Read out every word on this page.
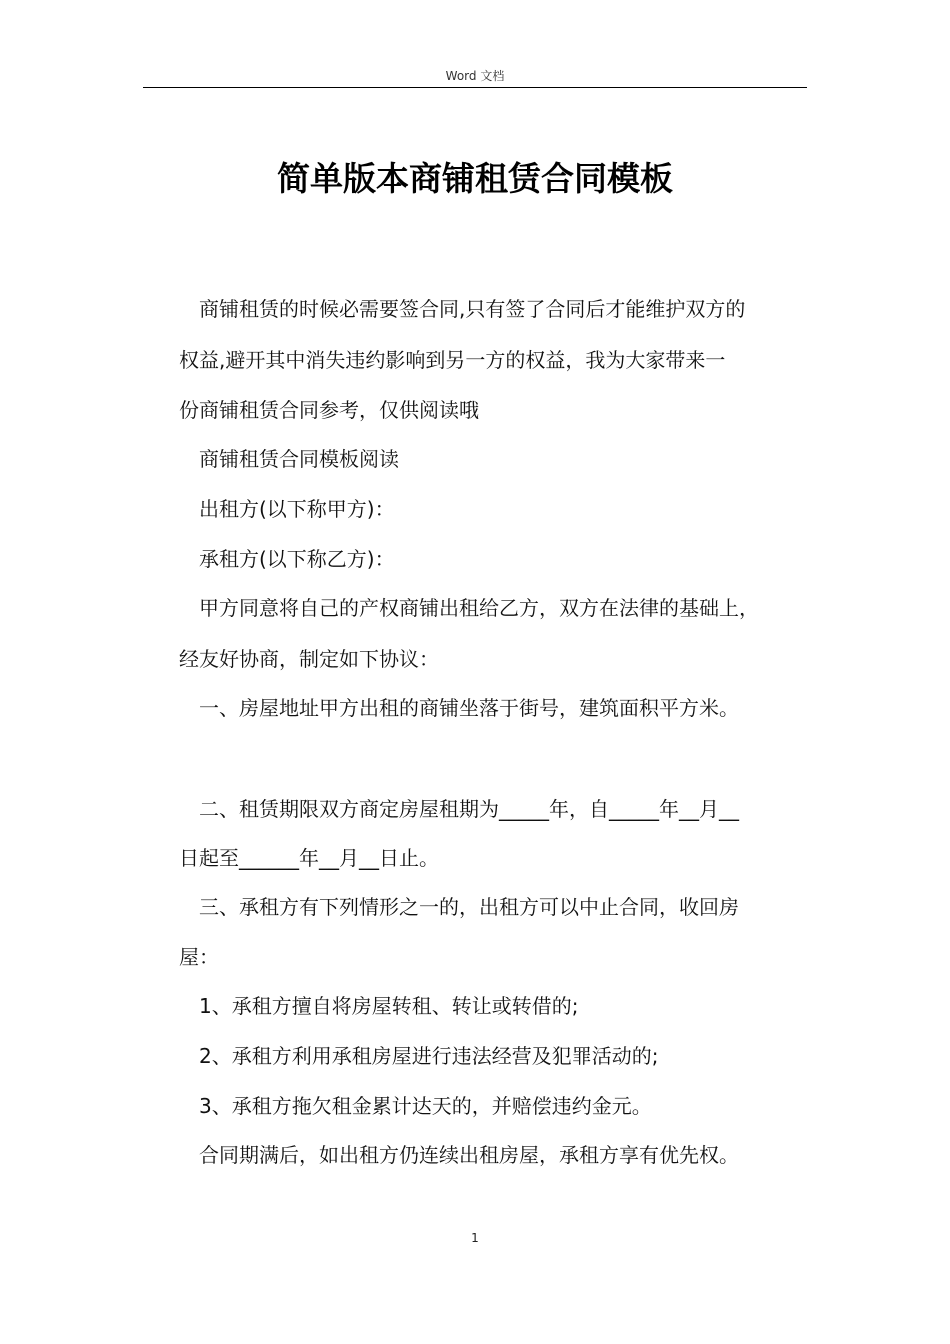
Word 文档
简单版本商铺租赁合同模板
商铺租赁的时候必需要签合同,只有签了合同后才能维护双方的
权益,避开其中消失违约影响到另一方的权益，我为大家带来一
份商铺租赁合同参考，仅供阅读哦
商铺租赁合同模板阅读
出租方(以下称甲方)：
承租方(以下称乙方)：
甲方同意将自己的产权商铺出租给乙方，双方在法律的基础上，
经友好协商，制定如下协议：
一、房屋地址甲方出租的商铺坐落于街号，建筑面积平方米。
二、租赁期限双方商定房屋租期为_____年，自_____年__月__
日起至______年__月__日止。
三、承租方有下列情形之一的，出租方可以中止合同，收回房
屋：
1、承租方擅自将房屋转租、转让或转借的;
2、承租方利用承租房屋进行违法经营及犯罪活动的;
3、承租方拖欠租金累计达天的，并赔偿违约金元。
合同期满后，如出租方仍连续出租房屋，承租方享有优先权。
1
